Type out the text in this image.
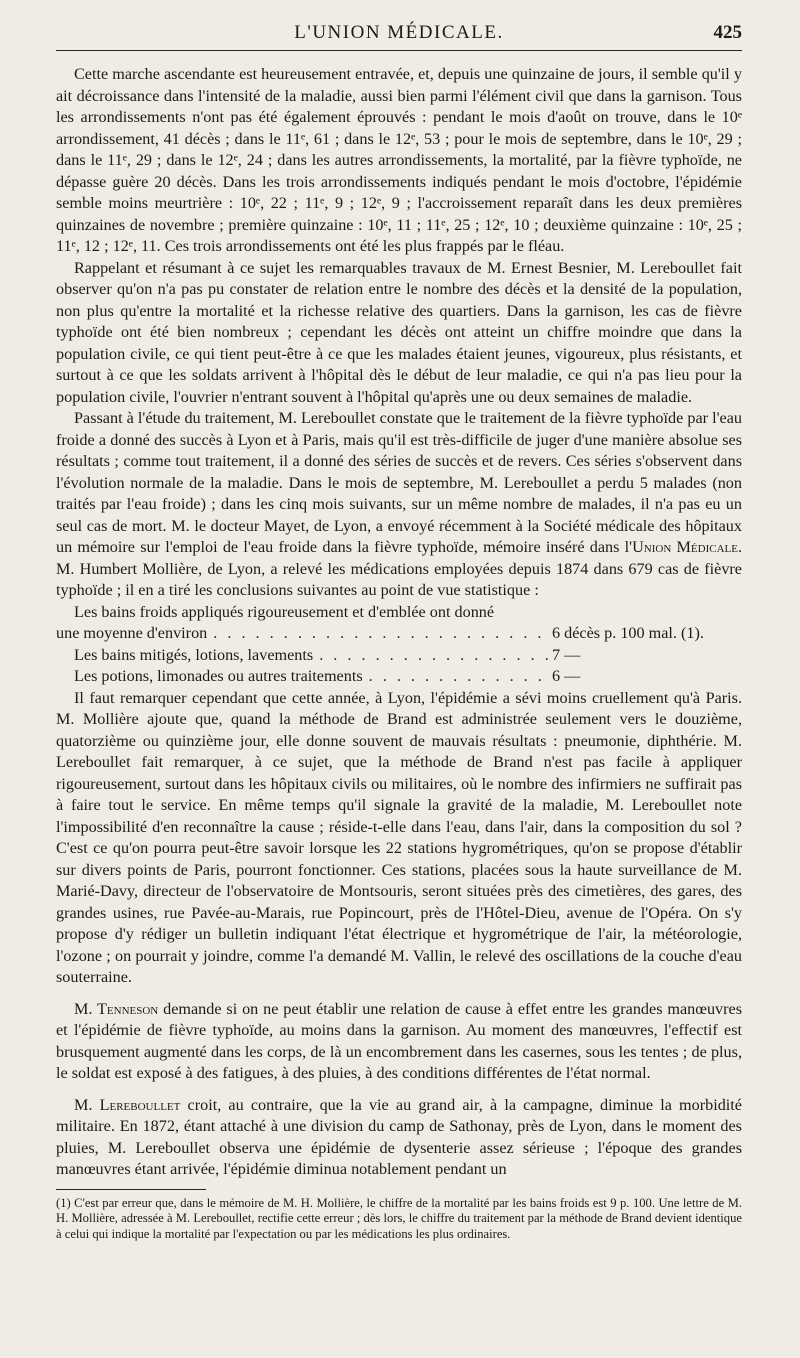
L'UNION MÉDICALE.	425

Cette marche ascendante est heureusement entravée, et, depuis une quinzaine de jours, il semble qu'il y ait décroissance dans l'intensité de la maladie, aussi bien parmi l'élément civil que dans la garnison. Tous les arrondissements n'ont pas été également éprouvés : pendant le mois d'août on trouve, dans le 10ᵉ arrondissement, 41 décès ; dans le 11ᵉ, 61 ; dans le 12ᵉ, 53 ; pour le mois de septembre, dans le 10ᵉ, 29 ; dans le 11ᵉ, 29 ; dans le 12ᵉ, 24 ; dans les autres arrondissements, la mortalité, par la fièvre typhoïde, ne dépasse guère 20 décès. Dans les trois arrondissements indiqués pendant le mois d'octobre, l'épidémie semble moins meurtrière : 10ᵉ, 22 ; 11ᵉ, 9 ; 12ᵉ, 9 ; l'accroissement reparaît dans les deux premières quinzaines de novembre ; première quinzaine : 10ᵉ, 11 ; 11ᵉ, 25 ; 12ᵉ, 10 ; deuxième quinzaine : 10ᵉ, 25 ; 11ᵉ, 12 ; 12ᵉ, 11. Ces trois arrondissements ont été les plus frappés par le fléau.

Rappelant et résumant à ce sujet les remarquables travaux de M. Ernest Besnier, M. Lereboullet fait observer qu'on n'a pas pu constater de relation entre le nombre des décès et la densité de la population, non plus qu'entre la mortalité et la richesse relative des quartiers. Dans la garnison, les cas de fièvre typhoïde ont été bien nombreux ; cependant les décès ont atteint un chiffre moindre que dans la population civile, ce qui tient peut-être à ce que les malades étaient jeunes, vigoureux, plus résistants, et surtout à ce que les soldats arrivent à l'hôpital dès le début de leur maladie, ce qui n'a pas lieu pour la population civile, l'ouvrier n'entrant souvent à l'hôpital qu'après une ou deux semaines de maladie.

Passant à l'étude du traitement, M. Lereboullet constate que le traitement de la fièvre typhoïde par l'eau froide a donné des succès à Lyon et à Paris, mais qu'il est très-difficile de juger d'une manière absolue ses résultats ; comme tout traitement, il a donné des séries de succès et de revers. Ces séries s'observent dans l'évolution normale de la maladie. Dans le mois de septembre, M. Lereboullet a perdu 5 malades (non traités par l'eau froide) ; dans les cinq mois suivants, sur un même nombre de malades, il n'a pas eu un seul cas de mort. M. le docteur Mayet, de Lyon, a envoyé récemment à la Société médicale des hôpitaux un mémoire sur l'emploi de l'eau froide dans la fièvre typhoïde, mémoire inséré dans l'Union Médicale. M. Humbert Mollière, de Lyon, a relevé les médications employées depuis 1874 dans 679 cas de fièvre typhoïde ; il en a tiré les conclusions suivantes au point de vue statistique :

Les bains froids appliqués rigoureusement et d'emblée ont donné
une moyenne d'environ . . .	6 décès p. 100 mal. (1).
Les bains mitigés, lotions, lavements . . .	7 —
Les potions, limonades ou autres traitements . . .	6 —

Il faut remarquer cependant que cette année, à Lyon, l'épidémie a sévi moins cruellement qu'à Paris. M. Mollière ajoute que, quand la méthode de Brand est administrée seulement vers le douzième, quatorzième ou quinzième jour, elle donne souvent de mauvais résultats : pneumonie, diphthérie. M. Lereboullet fait remarquer, à ce sujet, que la méthode de Brand n'est pas facile à appliquer rigoureusement, surtout dans les hôpitaux civils ou militaires, où le nombre des infirmiers ne suffirait pas à faire tout le service. En même temps qu'il signale la gravité de la maladie, M. Lereboullet note l'impossibilité d'en reconnaître la cause ; réside-t-elle dans l'eau, dans l'air, dans la composition du sol ? C'est ce qu'on pourra peut-être savoir lorsque les 22 stations hygrométriques, qu'on se propose d'établir sur divers points de Paris, pourront fonctionner. Ces stations, placées sous la haute surveillance de M. Marié-Davy, directeur de l'observatoire de Montsouris, seront situées près des cimetières, des gares, des grandes usines, rue Pavée-au-Marais, rue Popincourt, près de l'Hôtel-Dieu, avenue de l'Opéra. On s'y propose d'y rédiger un bulletin indiquant l'état électrique et hygrométrique de l'air, la météorologie, l'ozone ; on pourrait y joindre, comme l'a demandé M. Vallin, le relevé des oscillations de la couche d'eau souterraine.

M. Tenneson demande si on ne peut établir une relation de cause à effet entre les grandes manœuvres et l'épidémie de fièvre typhoïde, au moins dans la garnison. Au moment des manœuvres, l'effectif est brusquement augmenté dans les corps, de là un encombrement dans les casernes, sous les tentes ; de plus, le soldat est exposé à des fatigues, à des pluies, à des conditions différentes de l'état normal.

M. Lereboullet croit, au contraire, que la vie au grand air, à la campagne, diminue la morbidité militaire. En 1872, étant attaché à une division du camp de Sathonay, près de Lyon, dans le moment des pluies, M. Lereboullet observa une épidémie de dysenterie assez sérieuse ; l'époque des grandes manœuvres étant arrivée, l'épidémie diminua notablement pendant un

(1) C'est par erreur que, dans le mémoire de M. H. Mollière, le chiffre de la mortalité par les bains froids est 9 p. 100. Une lettre de M. H. Mollière, adressée à M. Lereboullet, rectifie cette erreur ; dès lors, le chiffre du traitement par la méthode de Brand devient identique à celui qui indique la mortalité par l'expectation ou par les médications les plus ordinaires.
